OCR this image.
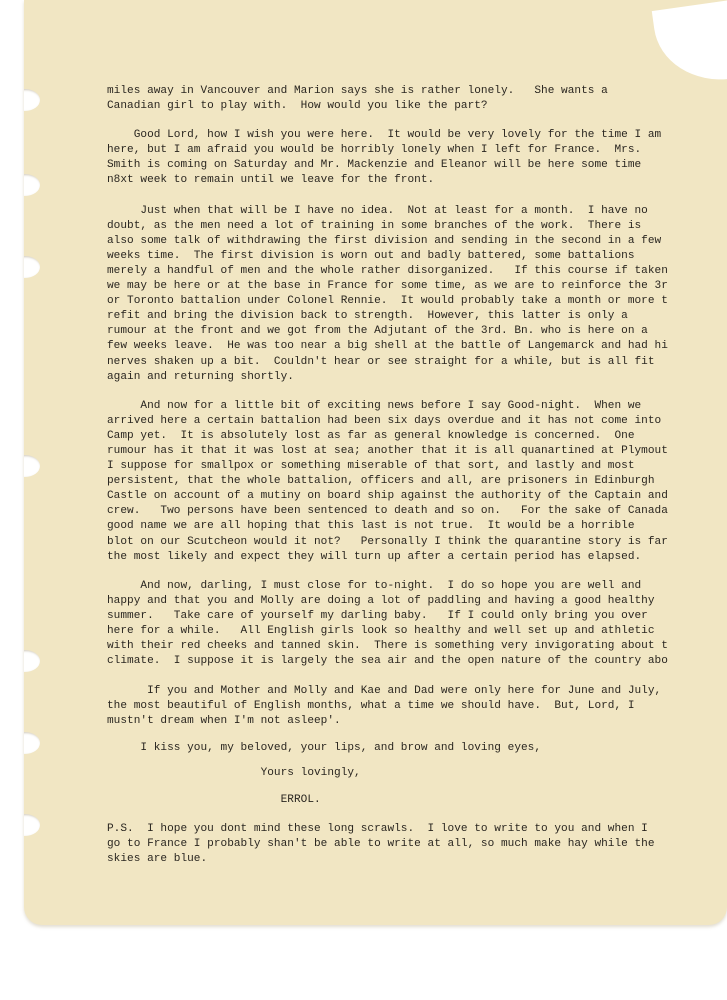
miles away in Vancouver and Marion says she is rather lonely.   She wants a
Canadian girl to play with.  How would you like the part?
Good Lord, how I wish you were here.  It would be very lovely for the time I am
here, but I am afraid you would be horribly lonely when I left for France.  Mrs.
Smith is coming on Saturday and Mr. Mackenzie and Eleanor will be here some time
n8xt week to remain until we leave for the front.
Just when that will be I have no idea.  Not at least for a month.  I have no
doubt, as the men need a lot of training in some branches of the work.  There is
also some talk of withdrawing the first division and sending in the second in a few
weeks time.  The first division is worn out and badly battered, some battalions
merely a handful of men and the whole rather disorganized.   If this course if taken
we may be here or at the base in France for some time, as we are to reinforce the 3r
or Toronto battalion under Colonel Rennie.  It would probably take a month or more t
refit and bring the division back to strength.  However, this latter is only a
rumour at the front and we got from the Adjutant of the 3rd. Bn. who is here on a
few weeks leave.  He was too near a big shell at the battle of Langemarck and had hi
nerves shaken up a bit.  Couldn't hear or see straight for a while, but is all fit
again and returning shortly.
And now for a little bit of exciting news before I say Good-night.  When we
arrived here a certain battalion had been six days overdue and it has not come into
Camp yet.  It is absolutely lost as far as general knowledge is concerned.  One
rumour has it that it was lost at sea; another that it is all quanartined at Plymout
I suppose for smallpox or something miserable of that sort, and lastly and most
persistent, that the whole battalion, officers and all, are prisoners in Edinburgh
Castle on account of a mutiny on board ship against the authority of the Captain and
crew.   Two persons have been sentenced to death and so on.   For the sake of Canada
good name we are all hoping that this last is not true.  It would be a horrible
blot on our Scutcheon would it not?   Personally I think the quarantine story is far
the most likely and expect they will turn up after a certain period has elapsed.
And now, darling, I must close for to-night.  I do so hope you are well and
happy and that you and Molly are doing a lot of paddling and having a good healthy
summer.   Take care of yourself my darling baby.   If I could only bring you over
here for a while.   All English girls look so healthy and well set up and athletic
with their red cheeks and tanned skin.  There is something very invigorating about t
climate.  I suppose it is largely the sea air and the open nature of the country abo
If you and Mother and Molly and Kae and Dad were only here for June and July,
the most beautiful of English months, what a time we should have.  But, Lord, I
mustn't dream when I'm not asleep'.
I kiss you, my beloved, your lips, and brow and loving eyes,
Yours lovingly,
ERROL.
P.S.  I hope you dont mind these long scrawls.  I love to write to you and when I
go to France I probably shan't be able to write at all, so much make hay while the
skies are blue.
